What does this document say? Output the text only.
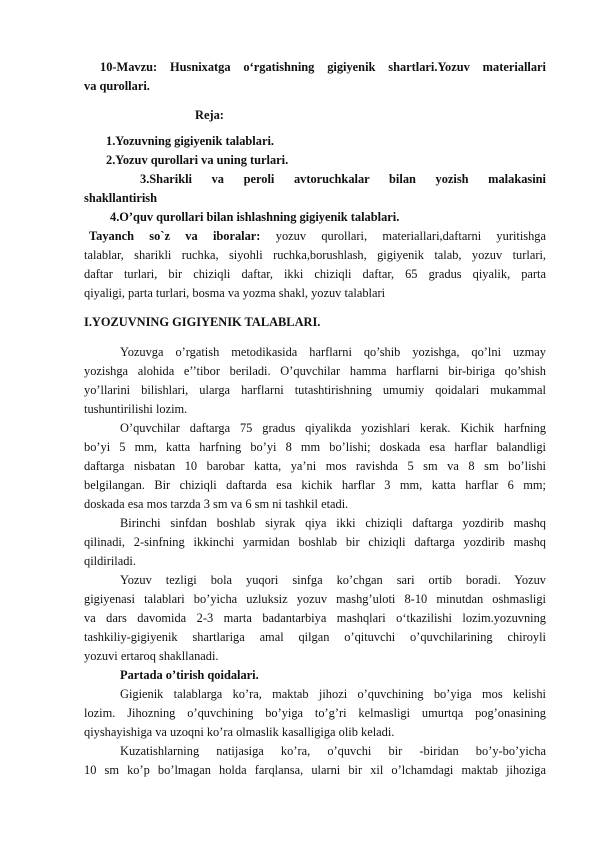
10-Mavzu: Husnixatga o‘rgatishning gigiyenik shartlari.Yozuv materiallari
va qurollari.
Reja:
1.Yozuvning gigiyenik talablari.
2.Yozuv qurollari va uning turlari.
3.Sharikli va peroli avtoruchkalar bilan yozish malakasini
shakllantirish
4.O’quv qurollari bilan ishlashning gigiyenik talablari.
Tayanch so`z va iboralar: yozuv qurollari, materiallari,daftarni yuritishga
talablar, sharikli ruchka, siyohli ruchka,borushlash, gigiyenik talab, yozuv turlari,
daftar turlari, bir chiziqli daftar, ikki chiziqli daftar, 65 gradus qiyalik, parta
qiyaligi, parta turlari, bosma va yozma shakl, yozuv talablari
I.YOZUVNING GIGIYENIK TALABLARI.
Yozuvga o’rgatish metodikasida harflarni qo’shib yozishga, qo’lni uzmay
yozishga alohida e’’tibor beriladi. O’quvchilar hamma harflarni bir-biriga qo’shish
yo’llarini bilishlari, ularga harflarni tutashtirishning umumiy qoidalari mukammal
tushuntirilishi lozim.
O’quvchilar daftarga 75 gradus qiyalikda yozishlari kerak. Kichik harfning
bo’yi 5 mm, katta harfning bo’yi 8 mm bo’lishi; doskada esa harflar balandligi
daftarga nisbatan 10 barobar katta, ya’ni mos ravishda 5 sm va 8 sm bo’lishi
belgilangan. Bir chiziqli daftarda esa kichik harflar 3 mm, katta harflar 6 mm;
doskada esa mos tarzda 3 sm va 6 sm ni tashkil etadi.
Birinchi sinfdan boshlab siyrak qiya ikki chiziqli daftarga yozdirib mashq
qilinadi, 2-sinfning ikkinchi yarmidan boshlab bir chiziqli daftarga yozdirib mashq
qildiriladi.
Yozuv tezligi bola yuqori sinfga ko’chgan sari ortib boradi. Yozuv
gigiyenasi talablari bo’yicha uzluksiz yozuv mashg’uloti 8-10 minutdan oshmasligi
va dars davomida 2-3 marta badantarbiya mashqlari o‘tkazilishi lozim.yozuvning
tashkiliy-gigiyenik shartlariga amal qilgan o’qituvchi o’quvchilarining chiroyli
yozuvi ertaroq shakllanadi.
Partada o’tirish qoidalari.
Gigienik talablarga ko’ra, maktab jihozi o’quvchining bo’yiga mos kelishi
lozim. Jihozning o’quvchining bo’yiga to’g’ri kelmasligi umurtqa pog’onasining
qiyshayishiga va uzoqni ko’ra olmaslik kasalligiga olib keladi.
Kuzatishlarning natijasiga ko’ra, o’quvchi bir -biridan bo’y-bo’yicha
10 sm ko’p bo’lmagan holda farqlansa, ularni bir xil o’lchamdagi maktab jihoziga
